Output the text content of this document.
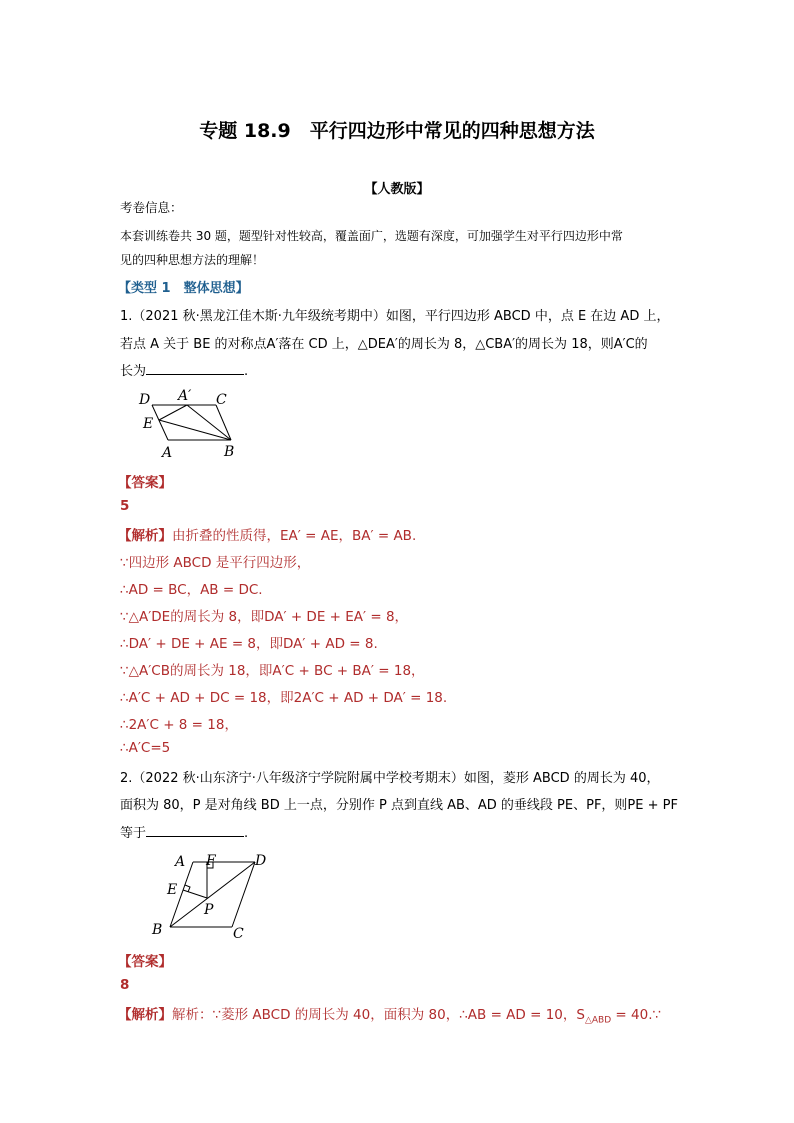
专题 18.9　平行四边形中常见的四种思想方法
【人教版】
考卷信息：
本套训练卷共 30 题，题型针对性较高，覆盖面广，选题有深度，可加强学生对平行四边形中常
见的四种思想方法的理解！
【类型 1　整体思想】
1.（2021 秋·黑龙江佳木斯·九年级统考期中）如图，平行四边形 ABCD 中，点 E 在边 AD 上，
若点 A 关于 BE 的对称点A′落在 CD 上，△DEA′的周长为 8，△CBA′的周长为 18，则A′C的
长为	.
D A′ C
E
A	B
【答案】
5
【解析】由折叠的性质得，EA′ = AE，BA′ = AB.
∵四边形 ABCD 是平行四边形，
∴AD = BC，AB = DC.
∵△A′DE的周长为 8，即DA′ + DE + EA′ = 8，
∴DA′ + DE + AE = 8，即DA′ + AD = 8.
∵△A′CB的周长为 18，即A′C + BC + BA′ = 18，
∴A′C + AD + DC = 18，即2A′C + AD + DA′ = 18.
∴2A′C + 8 = 18，
∴A′C=5
2.（2022 秋·山东济宁·八年级济宁学院附属中学校考期末）如图，菱形 ABCD 的周长为 40，
面积为 80，P 是对角线 BD 上一点，分别作 P 点到直线 AB、AD 的垂线段 PE、PF，则PE + PF
等于	.
A F	D
E
P
B	C
【答案】
8
【解析】解析：∵菱形 ABCD 的周长为 40，面积为 80，∴AB = AD = 10，$S_{\triangle ABD}$ = 40.∵
